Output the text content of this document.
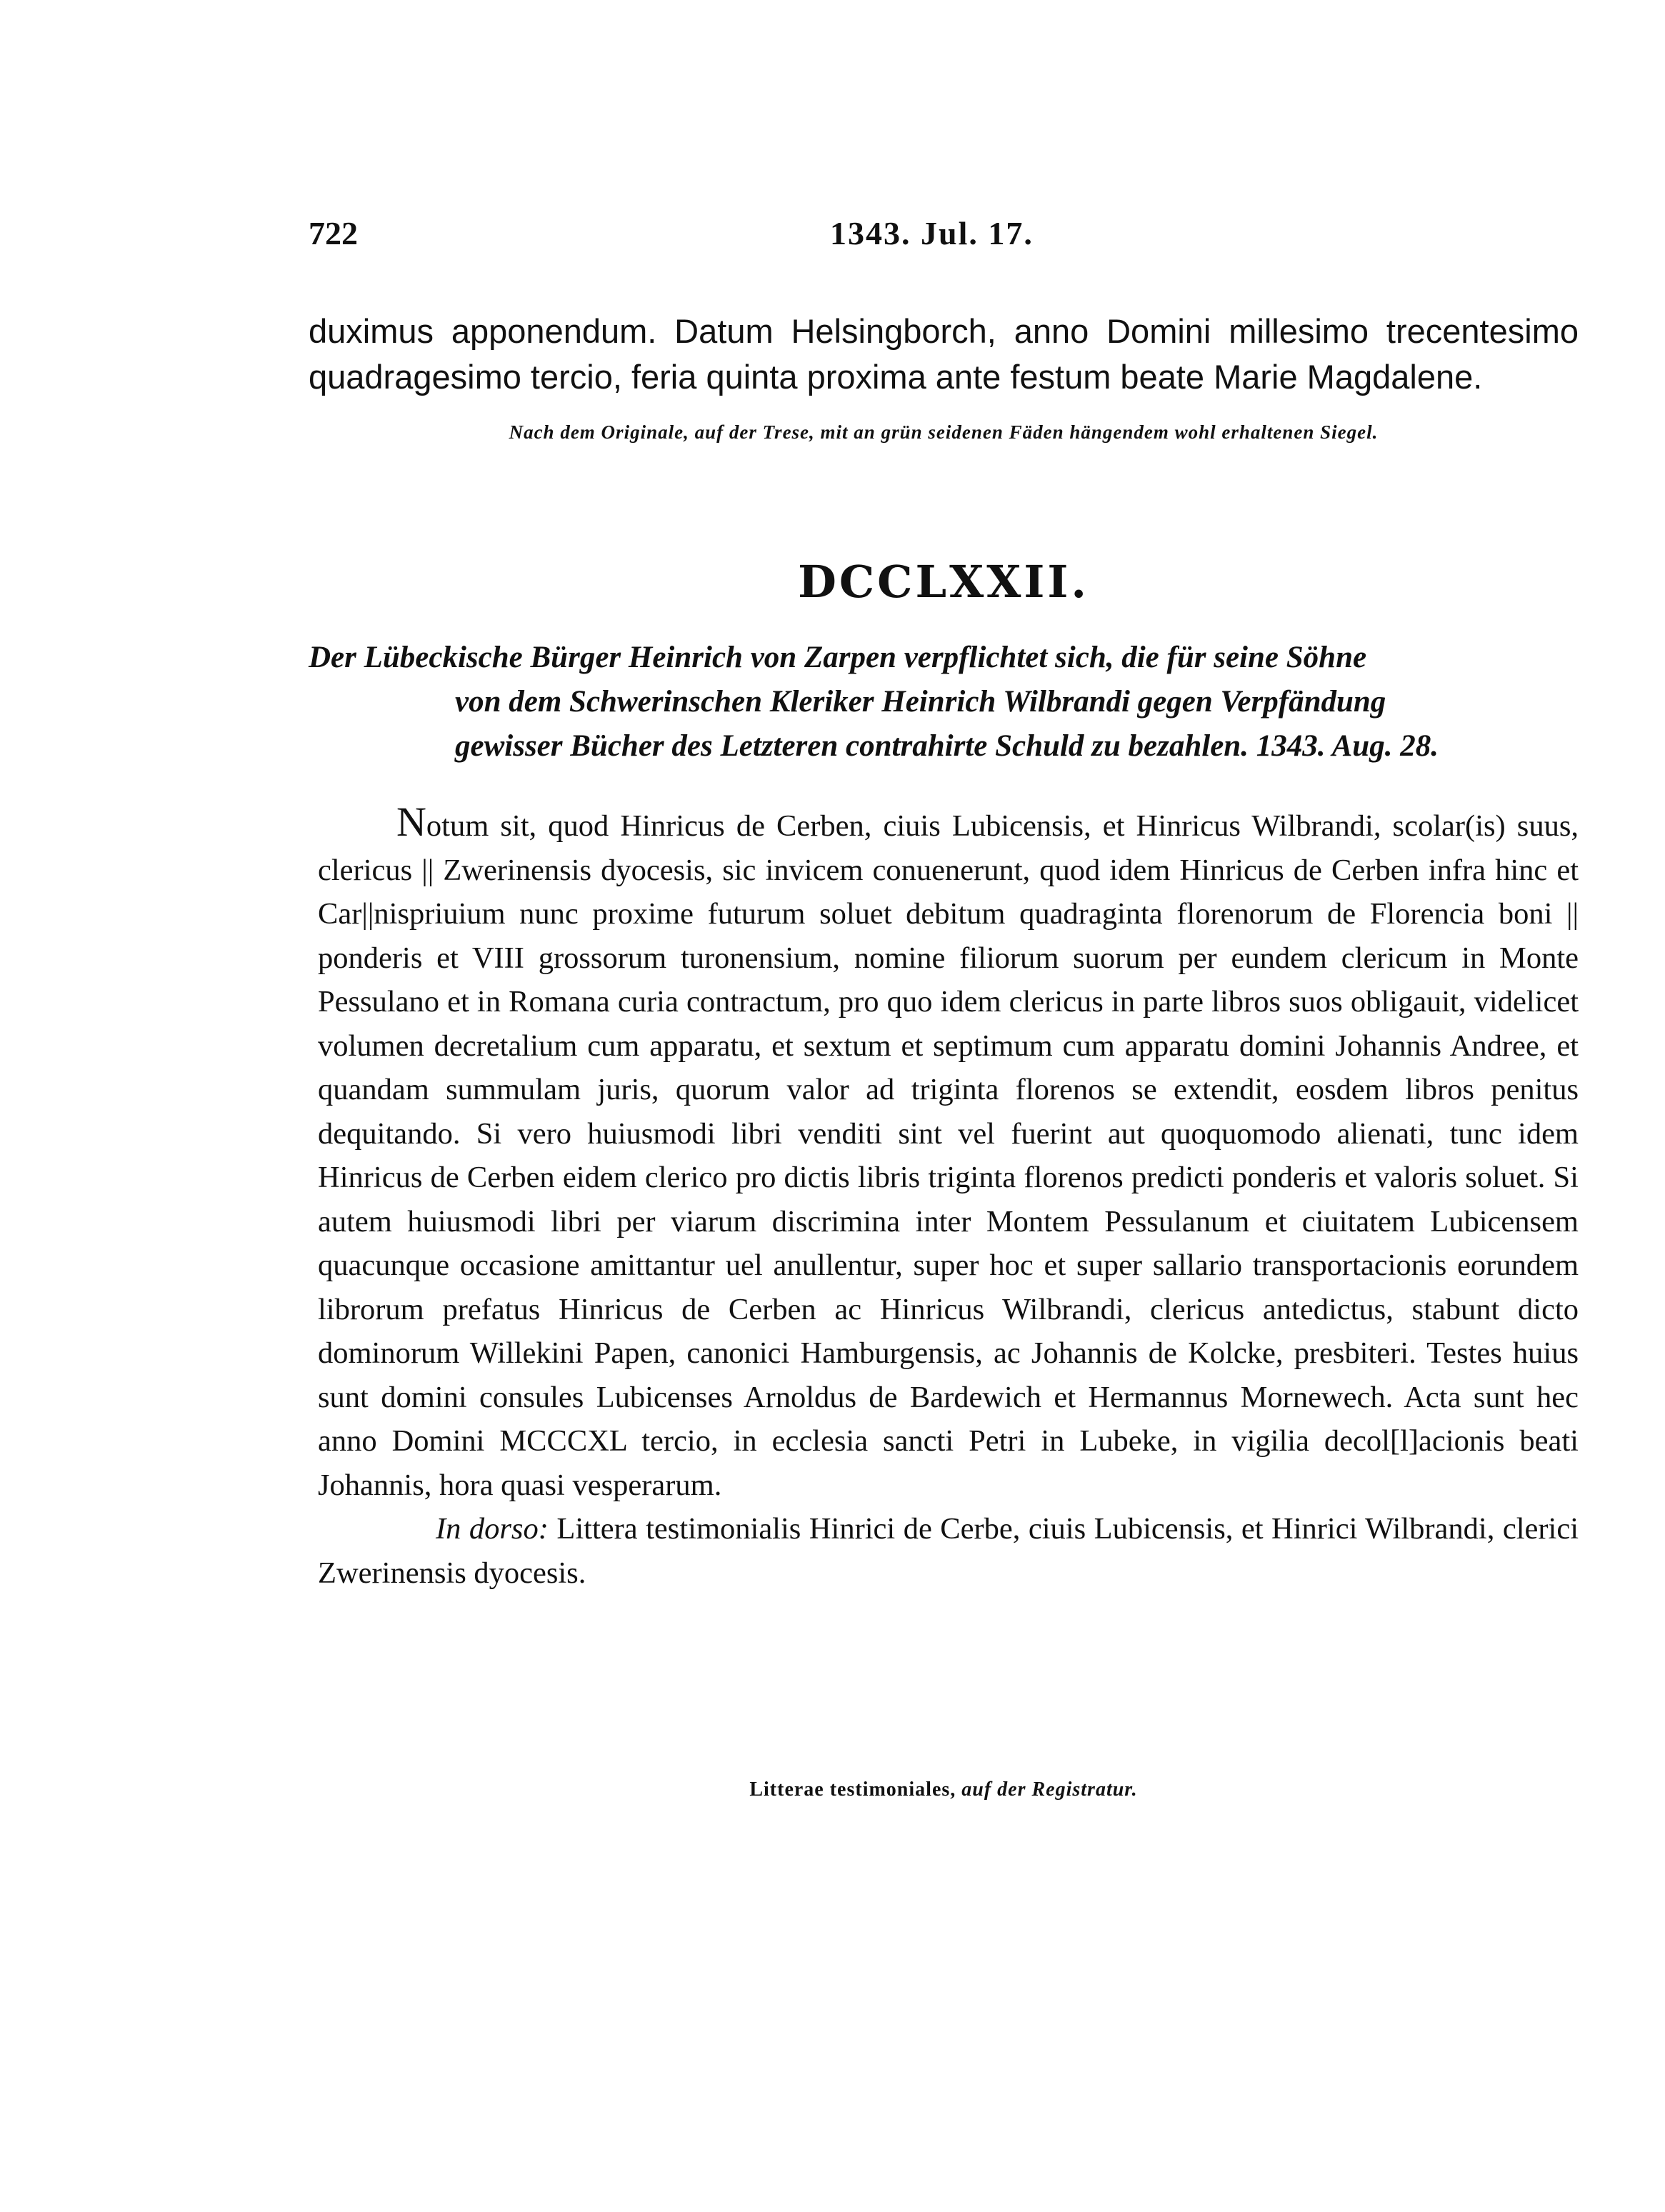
722	1343. Jul. 17.

duximus apponendum. Datum Helsingborch, anno Domini millesimo trecentesimo quadragesimo tercio, feria quinta proxima ante festum beate Marie Magdalene.

Nach dem Originale, auf der Trese, mit an grün seidenen Fäden hängendem wohl erhaltenen Siegel.
DCCLXXII.
Der Lübeckische Bürger Heinrich von Zarpen verpflichtet sich, die für seine Söhne
von dem Schwerinschen Kleriker Heinrich Wilbrandi gegen Verpfändung
gewisser Bücher des Letzteren contrahirte Schuld zu bezahlen. 1343. Aug. 28.

Notum sit, quod Hinricus de Cerben, ciuis Lubicensis, et Hinricus Wilbrandi, scolar(is) suus, clericus || Zwerinensis dyocesis, sic invicem conuenerunt, quod idem Hinricus de Cerben infra hinc et Car||nispriuium nunc proxime futurum soluet debitum quadraginta florenorum de Florencia boni || ponderis et VIII grossorum turonensium, nomine filiorum suorum per eundem clericum in Monte Pessulano et in Romana curia contractum, pro quo idem clericus in parte libros suos obligauit, videlicet volumen decretalium cum apparatu, et sextum et septimum cum apparatu domini Johannis Andree, et quandam summulam juris, quorum valor ad triginta florenos se extendit, eosdem libros penitus dequitando. Si vero huiusmodi libri venditi sint vel fuerint aut quoquomodo alienati, tunc idem Hinricus de Cerben eidem clerico pro dictis libris triginta florenos predicti ponderis et valoris soluet. Si autem huiusmodi libri per viarum discrimina inter Montem Pessulanum et ciuitatem Lubicensem quacunque occasione amittantur uel anullentur, super hoc et super sallario transportacionis eorundem librorum prefatus Hinricus de Cerben ac Hinricus Wilbrandi, clericus antedictus, stabunt dicto dominorum Willekini Papen, canonici Hamburgensis, ac Johannis de Kolcke, presbiteri. Testes huius sunt domini consules Lubicenses Arnoldus de Bardewich et Hermannus Mornewech. Acta sunt hec anno Domini MCCCXL tercio, in ecclesia sancti Petri in Lubeke, in vigilia decol[l]acionis beati Johannis, hora quasi vesperarum.

In dorso: Littera testimonialis Hinrici de Cerbe, ciuis Lubicensis, et Hinrici Wilbrandi, clerici Zwerinensis dyocesis.

Litterae testimoniales, auf der Registratur.
